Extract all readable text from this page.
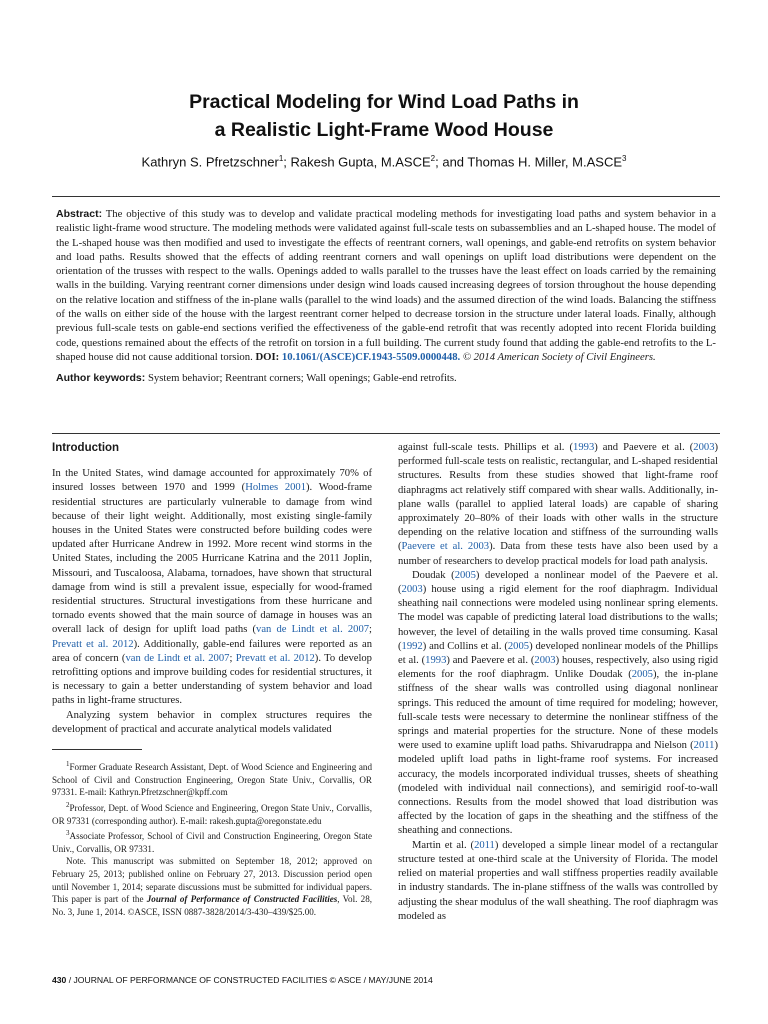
Practical Modeling for Wind Load Paths in
a Realistic Light-Frame Wood House
Kathryn S. Pfretzschner$^1$; Rakesh Gupta, M.ASCE$^2$; and Thomas H. Miller, M.ASCE$^3$
Abstract: The objective of this study was to develop and validate practical modeling methods for investigating load paths and system behavior in a realistic light-frame wood structure. The modeling methods were validated against full-scale tests on subassemblies and an L-shaped house. The model of the L-shaped house was then modified and used to investigate the effects of reentrant corners, wall openings, and gable-end retrofits on system behavior and load paths. Results showed that the effects of adding reentrant corners and wall openings on uplift load distributions were dependent on the orientation of the trusses with respect to the walls. Openings added to walls parallel to the trusses have the least effect on loads carried by the remaining walls in the building. Varying reentrant corner dimensions under design wind loads caused increasing degrees of torsion throughout the house depending on the relative location and stiffness of the in-plane walls (parallel to the wind loads) and the assumed direction of the wind loads. Balancing the stiffness of the walls on either side of the house with the largest reentrant corner helped to decrease torsion in the structure under lateral loads. Finally, although previous full-scale tests on gable-end sections verified the effectiveness of the gable-end retrofit that was recently adopted into recent Florida building code, questions remained about the effects of the retrofit on torsion in a full building. The current study found that adding the gable-end retrofits to the L-shaped house did not cause additional torsion. DOI: 10.1061/(ASCE)CF.1943-5509.0000448. © 2014 American Society of Civil Engineers.
Author keywords: System behavior; Reentrant corners; Wall openings; Gable-end retrofits.
Introduction

In the United States, wind damage accounted for approximately 70% of insured losses between 1970 and 1999 (Holmes 2001). Wood-frame residential structures are particularly vulnerable to damage from wind because of their light weight. Additionally, most existing single-family houses in the United States were constructed before building codes were updated after Hurricane Andrew in 1992. More recent wind storms in the United States, including the 2005 Hurricane Katrina and the 2011 Joplin, Missouri, and Tuscaloosa, Alabama, tornadoes, have shown that structural damage from wind is still a prevalent issue, especially for wood-framed residential structures. Structural investigations from these hurricane and tornado events showed that the main source of damage in houses was an overall lack of design for uplift load paths (van de Lindt et al. 2007; Prevatt et al. 2012). Additionally, gable-end failures were reported as an area of concern (van de Lindt et al. 2007; Prevatt et al. 2012). To develop retrofitting options and improve building codes for residential structures, it is necessary to gain a better understanding of system behavior and load paths in light-frame structures.

Analyzing system behavior in complex structures requires the development of practical and accurate analytical models validated

$^1$Former Graduate Research Assistant, Dept. of Wood Science and Engineering and School of Civil and Construction Engineering, Oregon State Univ., Corvallis, OR 97331. E-mail: Kathryn.Pfretzschner@kpff.com

$^2$Professor, Dept. of Wood Science and Engineering, Oregon State Univ., Corvallis, OR 97331 (corresponding author). E-mail: rakesh.gupta@oregonstate.edu

$^3$Associate Professor, School of Civil and Construction Engineering, Oregon State Univ., Corvallis, OR 97331.

Note. This manuscript was submitted on September 18, 2012; approved on February 25, 2013; published online on February 27, 2013. Discussion period open until November 1, 2014; separate discussions must be submitted for individual papers. This paper is part of the Journal of Performance of Constructed Facilities, Vol. 28, No. 3, June 1, 2014. ©ASCE, ISSN 0887-3828/2014/3-430–439/$25.00.

against full-scale tests. Phillips et al. (1993) and Paevere et al. (2003) performed full-scale tests on realistic, rectangular, and L-shaped residential structures. Results from these studies showed that light-frame roof diaphragms act relatively stiff compared with shear walls. Additionally, in-plane walls (parallel to applied lateral loads) are capable of sharing approximately 20–80% of their loads with other walls in the structure depending on the relative location and stiffness of the surrounding walls (Paevere et al. 2003). Data from these tests have also been used by a number of researchers to develop practical models for load path analysis.

Doudak (2005) developed a nonlinear model of the Paevere et al. (2003) house using a rigid element for the roof diaphragm. Individual sheathing nail connections were modeled using nonlinear spring elements. The model was capable of predicting lateral load distributions to the walls; however, the level of detailing in the walls proved time consuming. Kasal (1992) and Collins et al. (2005) developed nonlinear models of the Phillips et al. (1993) and Paevere et al. (2003) houses, respectively, also using rigid elements for the roof diaphragm. Unlike Doudak (2005), the in-plane stiffness of the shear walls was controlled using diagonal nonlinear springs. This reduced the amount of time required for modeling; however, full-scale tests were necessary to determine the nonlinear stiffness of the springs and material properties for the structure. None of these models were used to examine uplift load paths. Shivarudrappa and Nielson (2011) modeled uplift load paths in light-frame roof systems. For increased accuracy, the models incorporated individual trusses, sheets of sheathing (modeled with individual nail connections), and semirigid roof-to-wall connections. Results from the model showed that load distribution was affected by the location of gaps in the sheathing and the stiffness of the sheathing and connections.

Martin et al. (2011) developed a simple linear model of a rectangular structure tested at one-third scale at the University of Florida. The model relied on material properties and wall stiffness properties readily available in industry standards. The in-plane stiffness of the walls was controlled by adjusting the shear modulus of the wall sheathing. The roof diaphragm was modeled as

430 / JOURNAL OF PERFORMANCE OF CONSTRUCTED FACILITIES © ASCE / MAY/JUNE 2014
